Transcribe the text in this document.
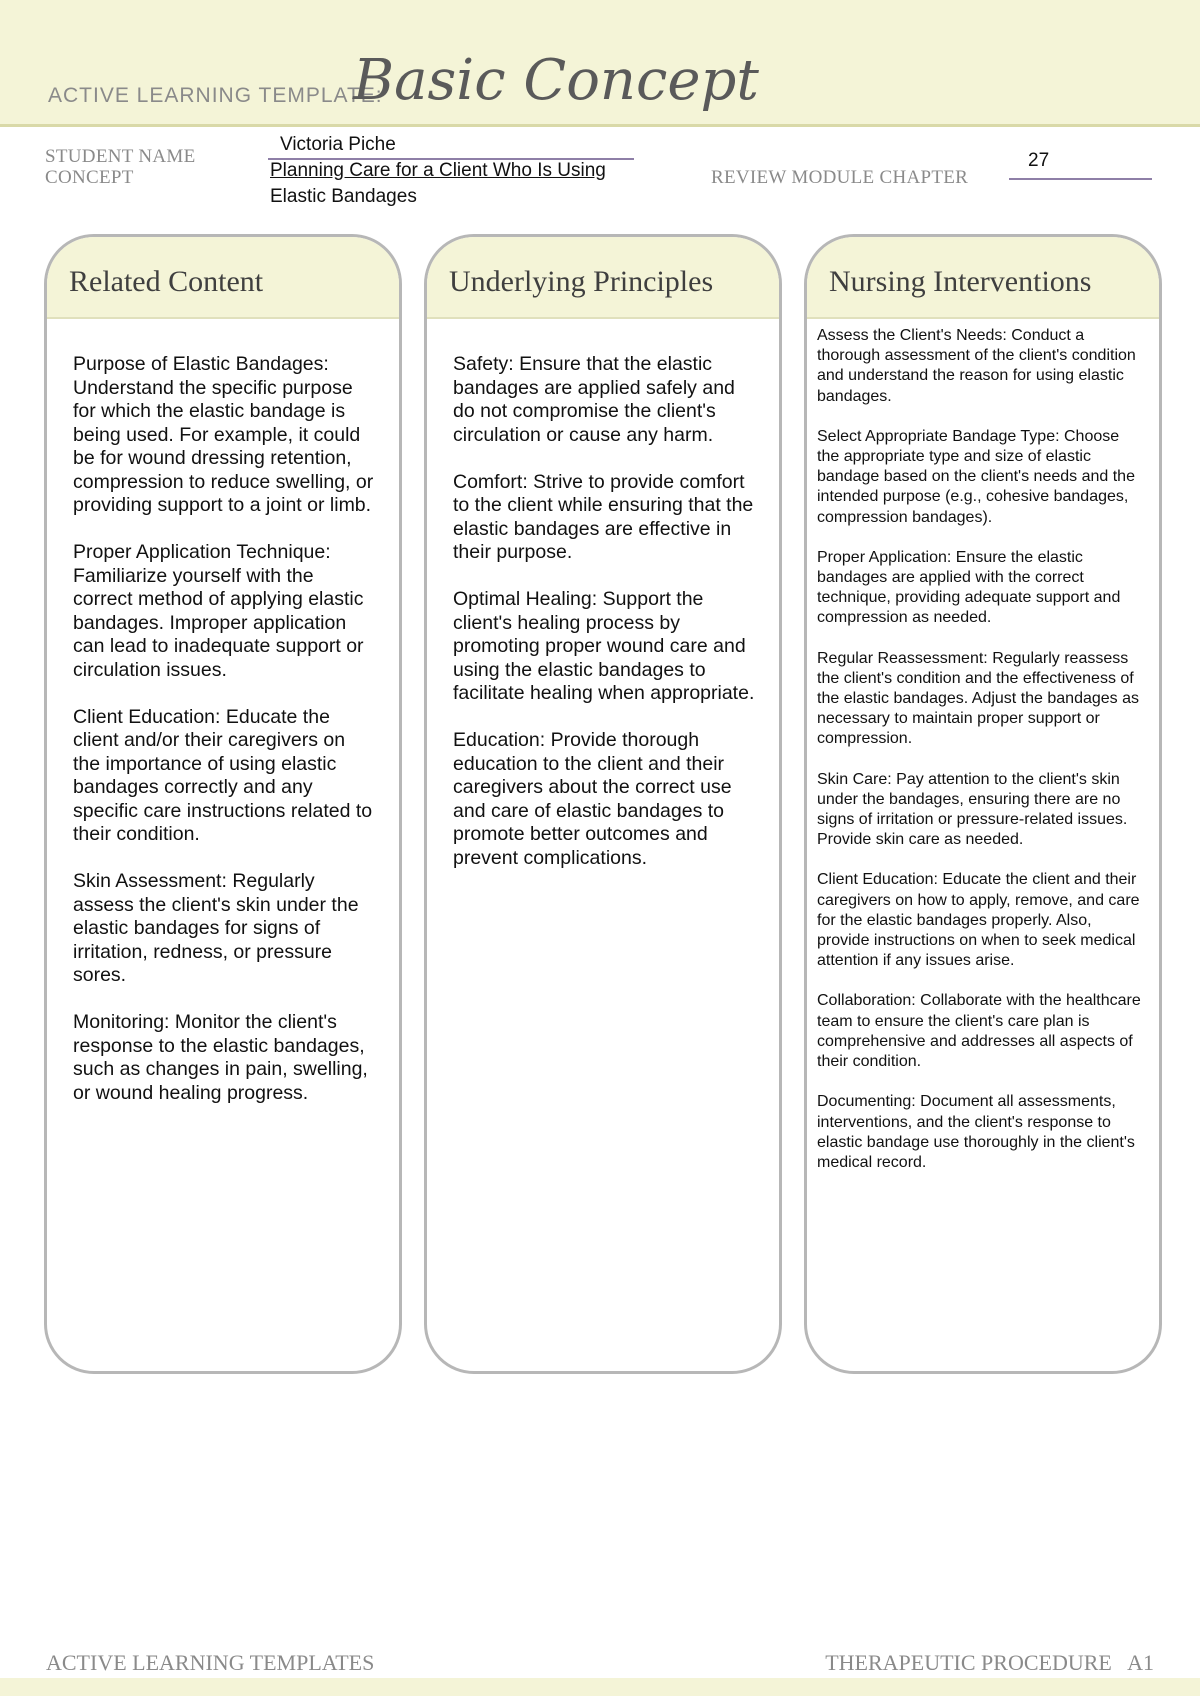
ACTIVE LEARNING TEMPLATE:
Basic Concept
STUDENT NAME
Victoria Piche
CONCEPT	Planning Care for a Client Who Is Using
Elastic Bandages
REVIEW MODULE CHAPTER
27
Related Content

Purpose of Elastic Bandages: Understand the specific purpose for which the elastic bandage is being used. For example, it could be for wound dressing retention, compression to reduce swelling, or providing support to a joint or limb.

Proper Application Technique: Familiarize yourself with the correct method of applying elastic bandages. Improper application can lead to inadequate support or circulation issues.

Client Education: Educate the client and/or their caregivers on the importance of using elastic bandages correctly and any specific care instructions related to their condition.

Skin Assessment: Regularly assess the client's skin under the elastic bandages for signs of irritation, redness, or pressure sores.

Monitoring: Monitor the client's response to the elastic bandages, such as changes in pain, swelling, or wound healing progress.

Underlying Principles

Safety: Ensure that the elastic bandages are applied safely and do not compromise the client's circulation or cause any harm.

Comfort: Strive to provide comfort to the client while ensuring that the elastic bandages are effective in their purpose.

Optimal Healing: Support the client's healing process by promoting proper wound care and using the elastic bandages to facilitate healing when appropriate.

Education: Provide thorough education to the client and their caregivers about the correct use and care of elastic bandages to promote better outcomes and prevent complications.

Nursing Interventions

Assess the Client's Needs: Conduct a thorough assessment of the client's condition and understand the reason for using elastic bandages.

Select Appropriate Bandage Type: Choose the appropriate type and size of elastic bandage based on the client's needs and the intended purpose (e.g., cohesive bandages, compression bandages).

Proper Application: Ensure the elastic bandages are applied with the correct technique, providing adequate support and compression as needed.

Regular Reassessment: Regularly reassess the client's condition and the effectiveness of the elastic bandages. Adjust the bandages as necessary to maintain proper support or compression.

Skin Care: Pay attention to the client's skin under the bandages, ensuring there are no signs of irritation or pressure-related issues. Provide skin care as needed.

Client Education: Educate the client and their caregivers on how to apply, remove, and care for the elastic bandages properly. Also, provide instructions on when to seek medical attention if any issues arise.

Collaboration: Collaborate with the healthcare team to ensure the client's care plan is comprehensive and addresses all aspects of their condition.

Documenting: Document all assessments, interventions, and the client's response to elastic bandage use thoroughly in the client's medical record.

ACTIVE LEARNING TEMPLATES	THERAPEUTIC PROCEDURE   A1
